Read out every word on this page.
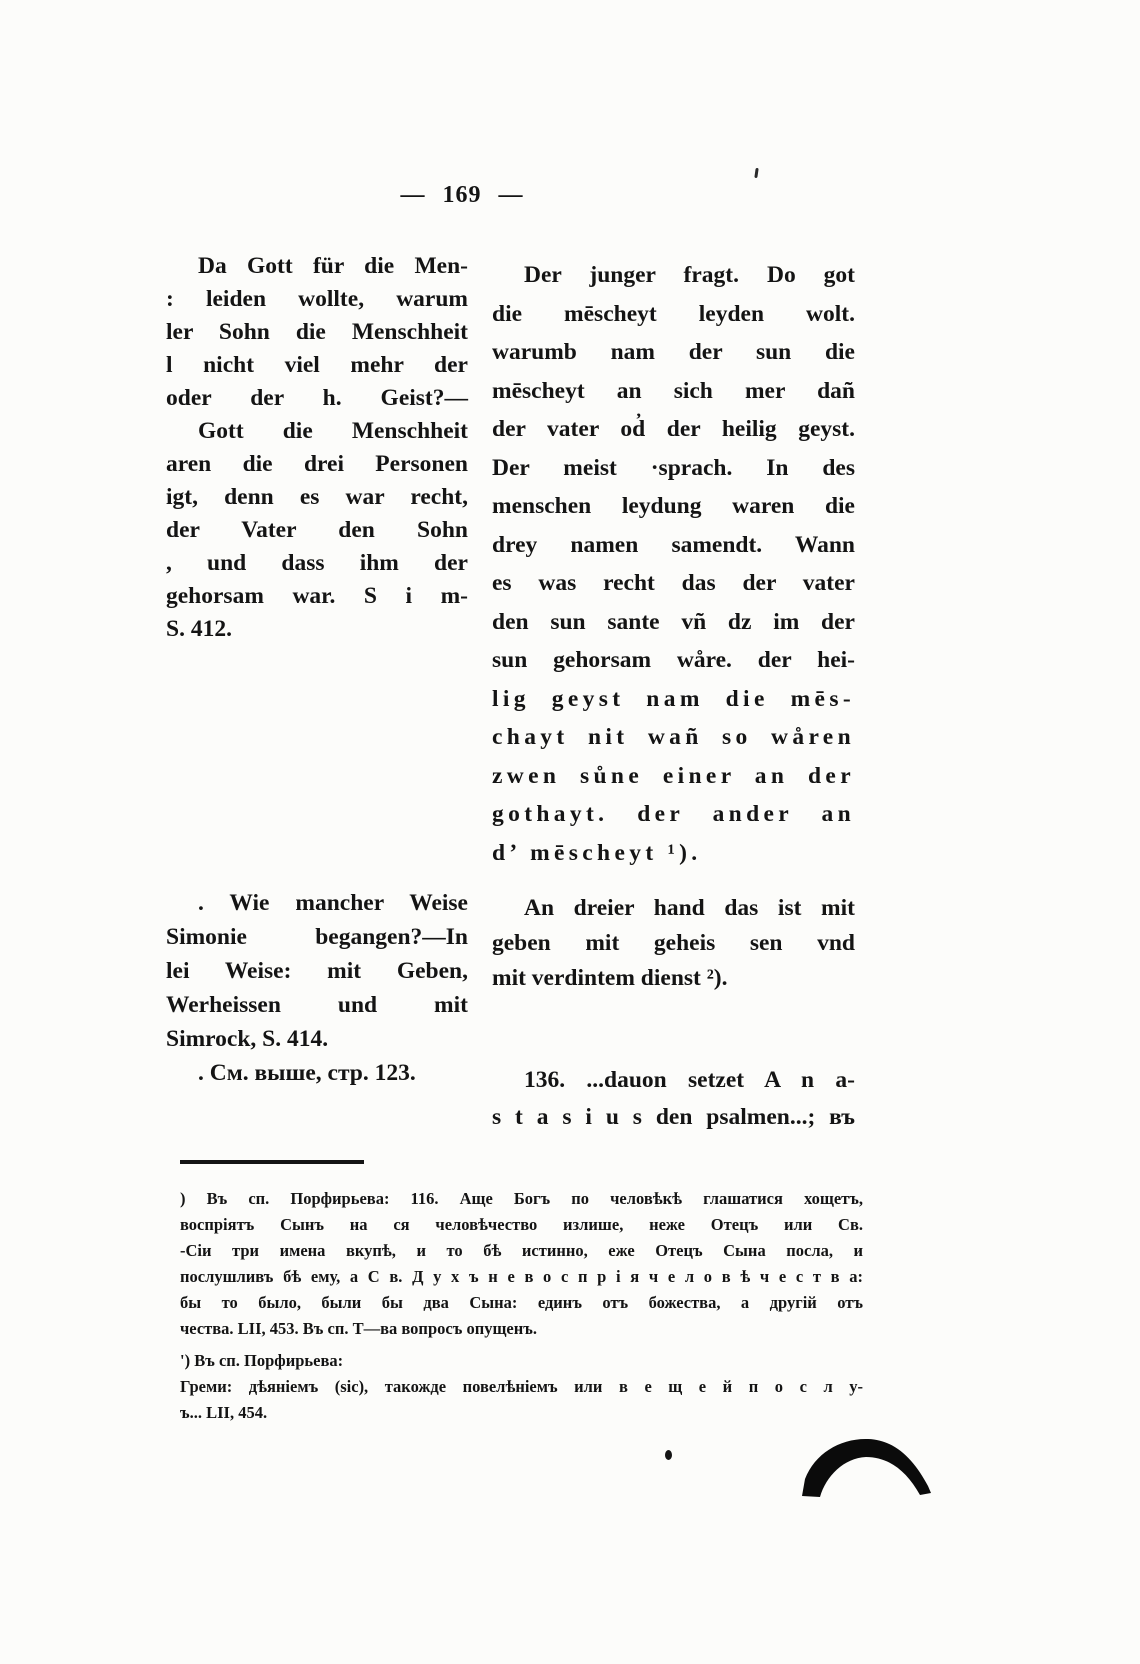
— 169 —
Da Gott für die Men-
: leiden wollte, warum
ler Sohn die Menschheit
l nicht viel mehr der
oder der h. Geist?—
Gott die Menschheit
aren die drei Personen
igt, denn es war recht,
der Vater den Sohn
, und dass ihm der
gehorsam war. S i m-
S. 412.
. Wie mancher Weise
Simonie begangen?—In
lei Weise: mit Geben,
Werheissen und mit
Simrock, S. 414.
. См. выше, стр. 123.
Der junger fragt. Do got
die mēscheyt leyden wolt.
warumb nam der sun die
mēscheyt an sich mer dañ
der vater od̓ der heilig geyst.
Der meist ·sprach. In des
menschen leydung waren die
drey namen samendt. Wann
es was recht das der vater
den sun sante vñ dz im der
sun gehorsam wåre. der hei-
lig geyst nam die mēs-
chayt nit wañ so wåren
zwen sůne einer an der
gothayt. der ander an
d’ mēscheyt ¹).
An dreier hand das ist mit
geben mit geheis sen vnd
mit verdintem dienst ²).
136. ...dauon setzet A n a-
s t a s i u s den psalmen...; въ
) Въ сп. Порфирьева: 116. Аще Богъ по человѣкѣ глашатися хощетъ,
воспріятъ Сынъ на ся человѣчество излише, неже Отецъ или Св.
-Сіи три имена вкупѣ, и то бѣ истинно, еже Отецъ Сына посла, и
послушливъ бѣ ему, а С в. Д у х ъ н е в о с п р і я ч е л о в ѣ ч е с т в а:
бы то было, были бы два Сына: единъ отъ божества, а другій отъ
чества. LII, 453. Въ сп. Т—ва вопросъ опущенъ.
') Въ сп. Порфирьева:
Греми: дѣяніемъ (sic), такожде повелѣніемъ или в е щ е й п о с л у-
ъ... LII, 454.
